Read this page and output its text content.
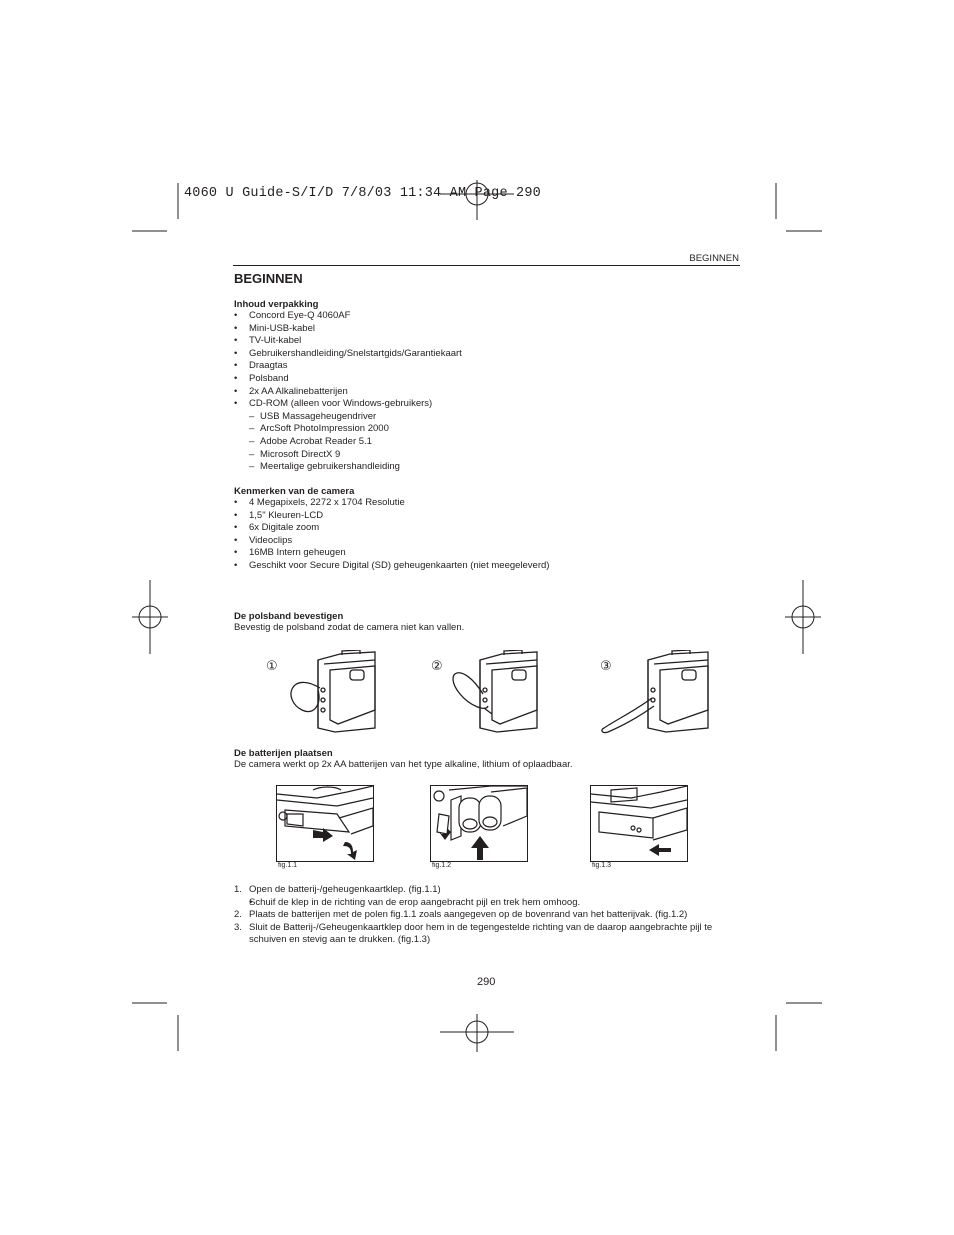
4060 U Guide-S/I/D 7/8/03 11:34 AM Page 290
BEGINNEN
BEGINNEN
Inhoud verpakking
• Concord Eye-Q 4060AF
• Mini-USB-kabel
• TV-Uit-kabel
• Gebruikershandleiding/Snelstartgids/Garantiekaart
• Draagtas
• Polsband
• 2x AA Alkalinebatterijen
• CD-ROM (alleen voor Windows-gebruikers)
– USB Massageheugendriver
– ArcSoft PhotoImpression 2000
– Adobe Acrobat Reader 5.1
– Microsoft DirectX 9
– Meertalige gebruikershandleiding
Kenmerken van de camera
• 4 Megapixels, 2272 x 1704 Resolutie
• 1,5" Kleuren-LCD
• 6x Digitale zoom
• Videoclips
• 16MB Intern geheugen
• Geschikt voor Secure Digital (SD) geheugenkaarten (niet meegeleverd)
De polsband bevestigen
Bevestig de polsband zodat de camera niet kan vallen.
①	②	③
De batterijen plaatsen
De camera werkt op 2x AA batterijen van het type alkaline, lithium of oplaadbaar.
fig.1.1	fig.1.2	fig.1.3
1. Open de batterij-/geheugenkaartklep. (fig.1.1)
• Schuif de klep in de richting van de erop aangebracht pijl en trek hem omhoog.
2. Plaats de batterijen met de polen fig.1.1 zoals aangegeven op de bovenrand van het batterijvak. (fig.1.2)
3. Sluit de Batterij-/Geheugenkaartklep door hem in de tegengestelde richting van de daarop aangebrachte pijl te schuiven en stevig aan te drukken. (fig.1.3)
290
